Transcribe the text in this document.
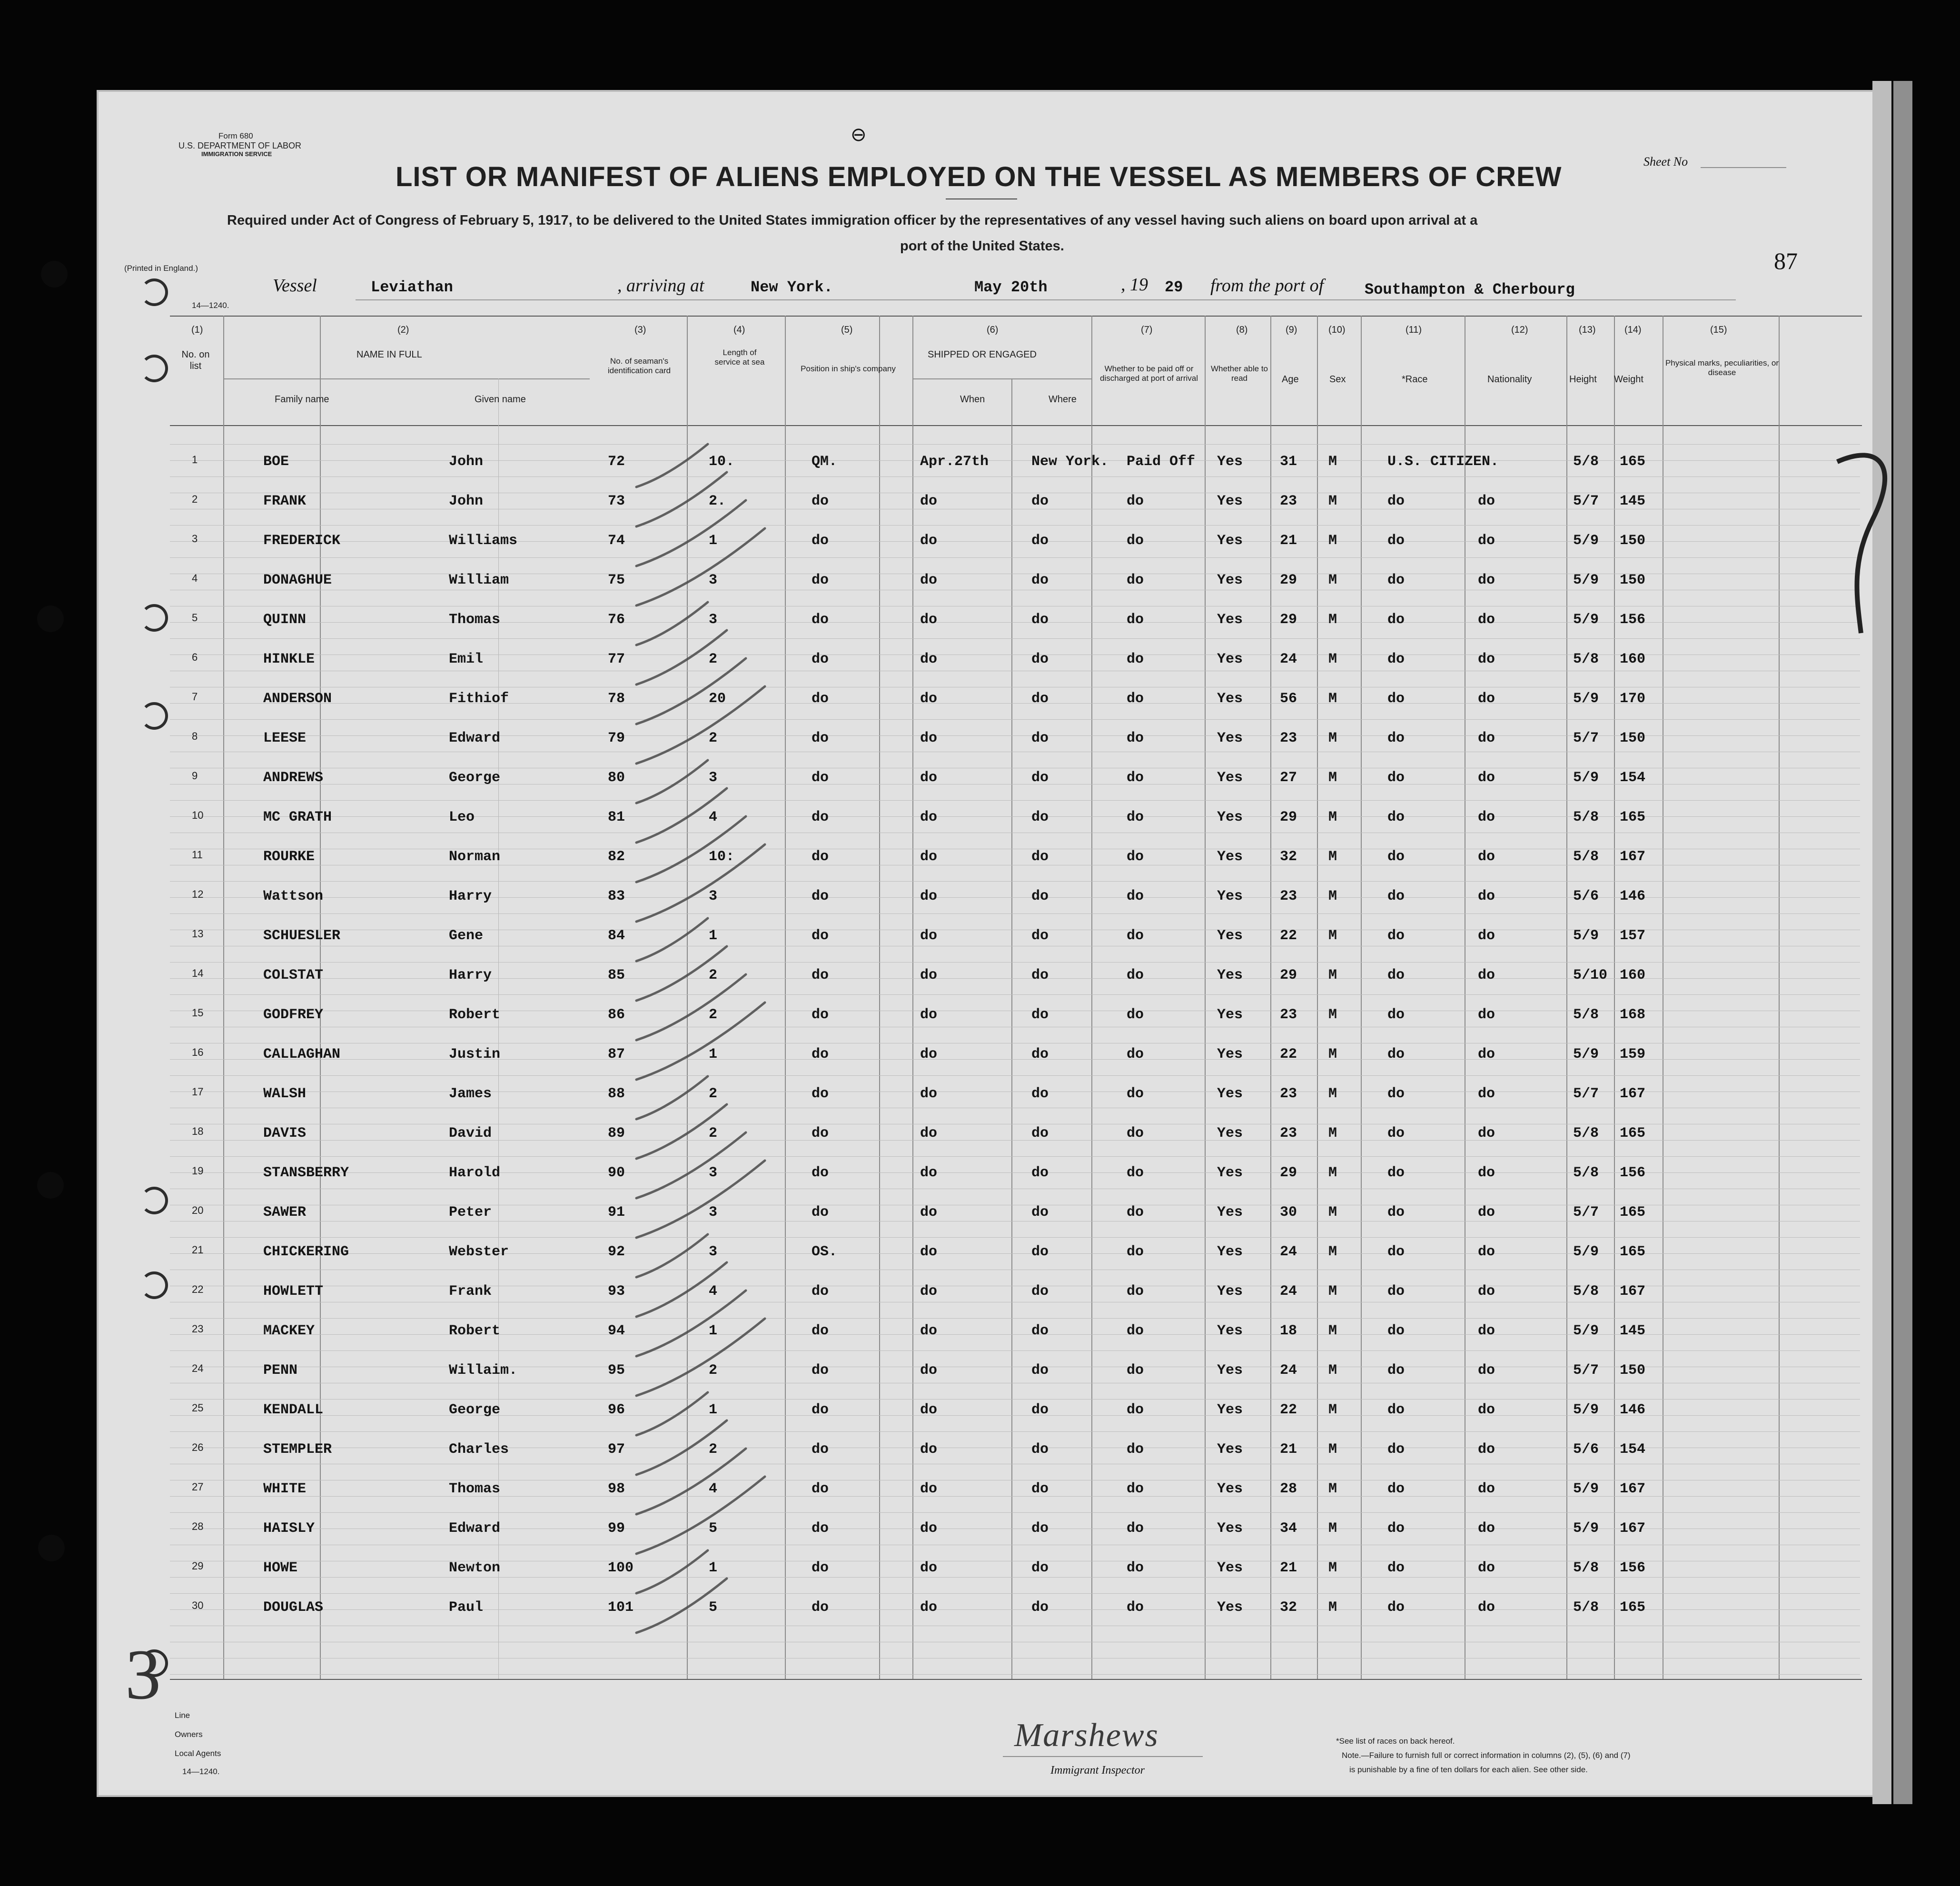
Form 680
U.S. DEPARTMENT OF LABOR
IMMIGRATION SERVICE
Sheet No
⊖
LIST OR MANIFEST OF ALIENS EMPLOYED ON THE VESSEL AS MEMBERS OF CREW
Required under Act of Congress of February 5, 1917, to be delivered to the United States immigration officer by the representatives of any vessel having such aliens on board upon arrival at a
port of the United States.
(Printed in England.)	87
14—1240.
Vessel	Leviathan	, arriving at	New York.	May 20th	, 19 29 from the port of	Southampton & Cherbourg
(1)
No. on list
(2)
NAME IN FULL
Family name	Given name
(3)
No. of seaman's identification card
(4)
Length of service at sea
(5)
Position in ship's company
(6)
SHIPPED OR ENGAGED
When	Where
(7)
Whether to be paid off or discharged at port of arrival
(8)
Whether able to read
(9)
Age
(10)
Sex
(11)
*Race
(12)
Nationality
(13)
Height
(14)
Weight
(15)
Physical marks, peculiarities, or disease
1	BOE	John	72	10.	QM.	Apr.27th	New York. Paid Off Yes	31 M	U.S. CITIZEN.	5/8 165
2	FRANK	John	73	2.	do	do	do	do	Yes	23 M	do	do	5/7 145
3	FREDERICK	Williams	74	1	do	do	do	do	Yes	21 M	do	do	5/9 150
4	DONAGHUE	William	75	3	do	do	do	do	Yes	29 M	do	do	5/9 150
5	QUINN	Thomas	76	3	do	do	do	do	Yes	29 M	do	do	5/9 156
6	HINKLE	Emil	77	2	do	do	do	do	Yes	24 M	do	do	5/8 160
7	ANDERSON	Fithiof	78	20	do	do	do	do	Yes	56 M	do	do	5/9 170
8	LEESE	Edward	79	2	do	do	do	do	Yes	23 M	do	do	5/7 150
9	ANDREWS	George	80	3	do	do	do	do	Yes	27 M	do	do	5/9 154
10	MC GRATH	Leo	81	4	do	do	do	do	Yes	29 M	do	do	5/8 165
11	ROURKE	Norman	82	10:	do	do	do	do	Yes	32 M	do	do	5/8 167
12	Wattson	Harry	83	3	do	do	do	do	Yes	23 M	do	do	5/6 146
13	SCHUESLER	Gene	84	1	do	do	do	do	Yes	22 M	do	do	5/9 157
14	COLSTAT	Harry	85	2	do	do	do	do	Yes	29 M	do	do	5/10 160
15	GODFREY	Robert	86	2	do	do	do	do	Yes	23 M	do	do	5/8 168
16	CALLAGHAN	Justin	87	1	do	do	do	do	Yes	22 M	do	do	5/9 159
17	WALSH	James	88	2	do	do	do	do	Yes	23 M	do	do	5/7 167
18	DAVIS	David	89	2	do	do	do	do	Yes	23 M	do	do	5/8 165
19	STANSBERRY	Harold	90	3	do	do	do	do	Yes	29 M	do	do	5/8 156
20	SAWER	Peter	91	3	do	do	do	do	Yes	30 M	do	do	5/7 165
21	CHICKERING	Webster	92	3	OS.	do	do	do	Yes	24 M	do	do	5/9 165
22	HOWLETT	Frank	93	4	do	do	do	do	Yes	24 M	do	do	5/8 167
23	MACKEY	Robert	94	1	do	do	do	do	Yes	18 M	do	do	5/9 145
24	PENN	Willaim.	95	2	do	do	do	do	Yes	24 M	do	do	5/7 150
25	KENDALL	George	96	1	do	do	do	do	Yes	22 M	do	do	5/9 146
26	STEMPLER	Charles	97	2	do	do	do	do	Yes	21 M	do	do	5/6 154
27	WHITE	Thomas	98	4	do	do	do	do	Yes	28 M	do	do	5/9 167
28	HAISLY	Edward	99	5	do	do	do	do	Yes	34 M	do	do	5/9 167
29	HOWE	Newton	100	1	do	do	do	do	Yes	21 M	do	do	5/8 156
30	DOUGLAS	Paul	101	5	do	do	do	do	Yes	32 M	do	do	5/8 165
3
Line
Owners
Local Agents
14—1240.
Marshews
Immigrant Inspector
*See list of races on back hereof.
Note.—Failure to furnish full or correct information in columns (2), (5), (6) and (7)
is punishable by a fine of ten dollars for each alien. See other side.
